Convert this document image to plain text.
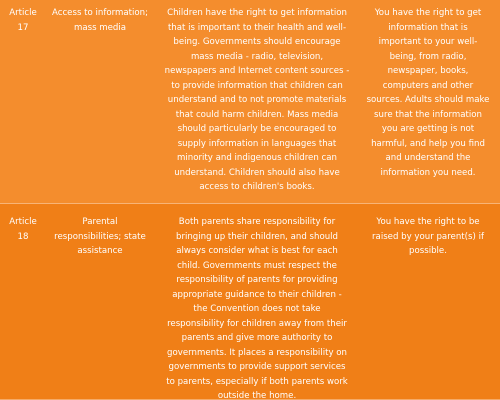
Article
17
Access to information; mass media
Children have the right to get information that is important to their health and well-being. Governments should encourage mass media - radio, television, newspapers and Internet content sources - to provide information that children can understand and to not promote materials that could harm children. Mass media should particularly be encouraged to supply information in languages that minority and indigenous children can understand. Children should also have access to children's books.
You have the right to get information that is important to your well-being, from radio, newspaper, books, computers and other sources. Adults should make sure that the information you are getting is not harmful, and help you find and understand the information you need.
Article
18
Parental responsibilities; state assistance
Both parents share responsibility for bringing up their children, and should always consider what is best for each child. Governments must respect the responsibility of parents for providing appropriate guidance to their children - the Convention does not take responsibility for children away from their parents and give more authority to governments. It places a responsibility on governments to provide support services to parents, especially if both parents work outside the home.
You have the right to be raised by your parent(s) if possible.
